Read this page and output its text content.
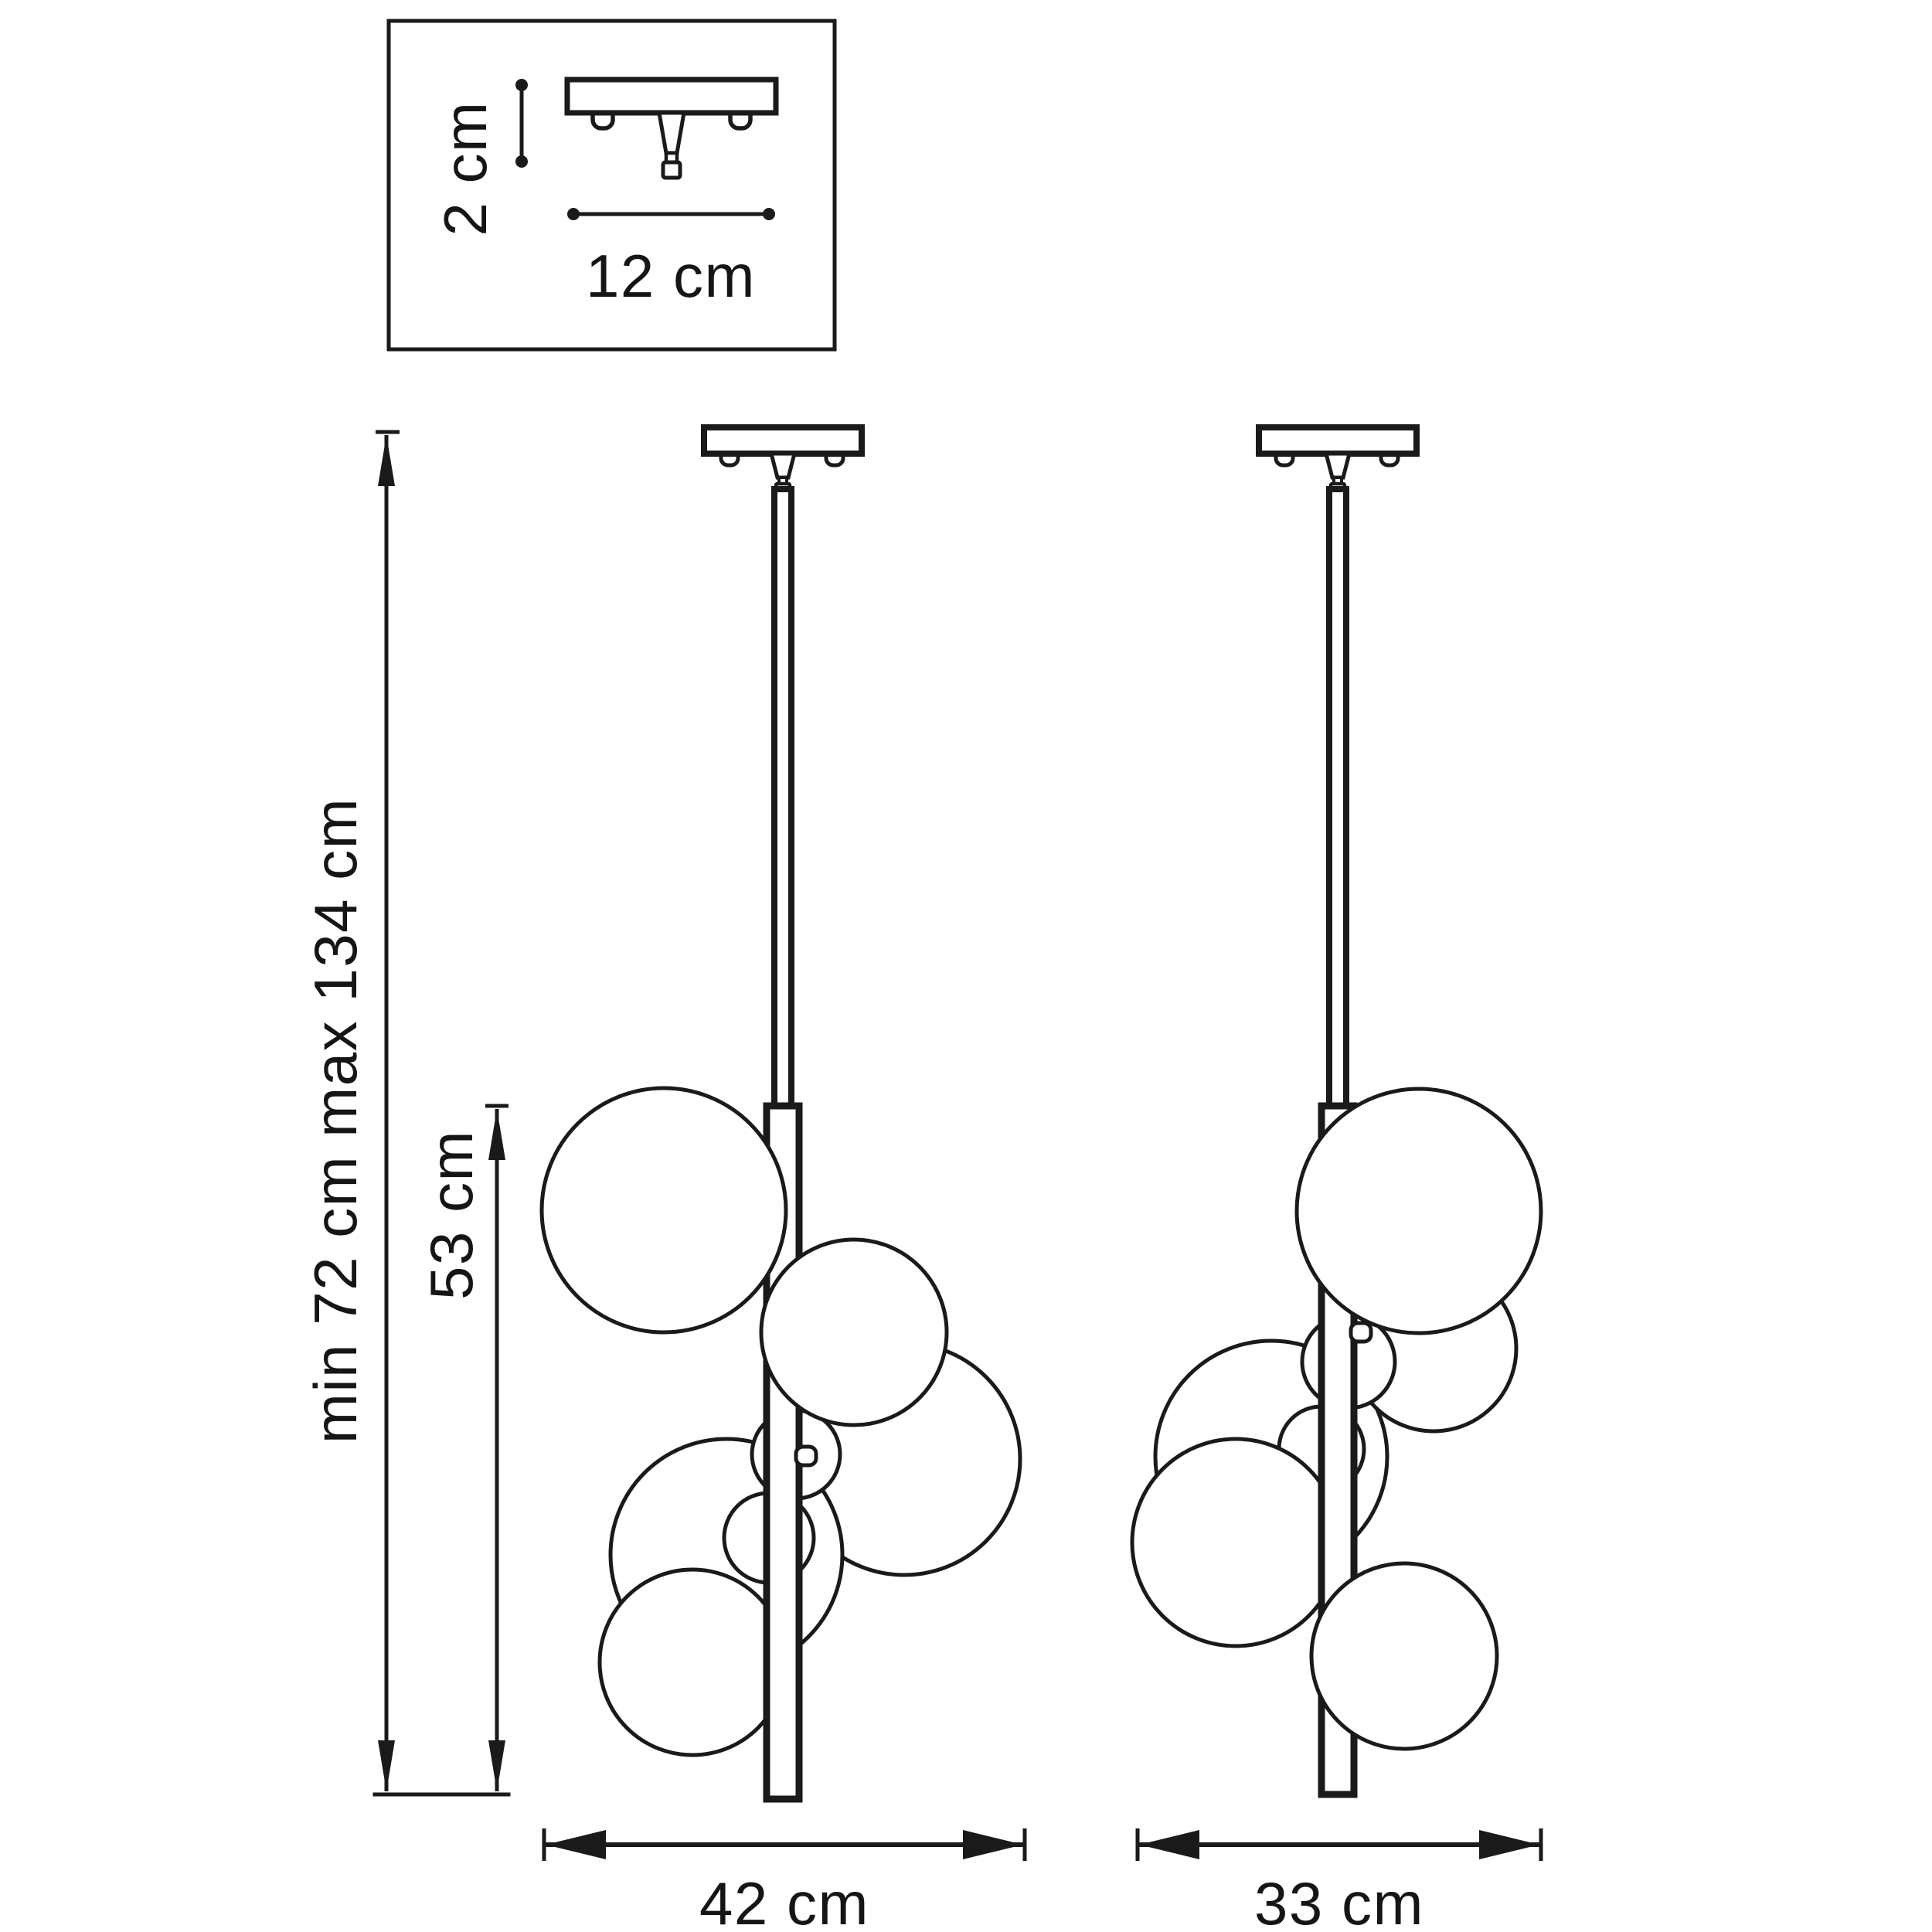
2 cm
12 cm
min 72 cm max 134 cm 53 cm
42 cm	33 cm
